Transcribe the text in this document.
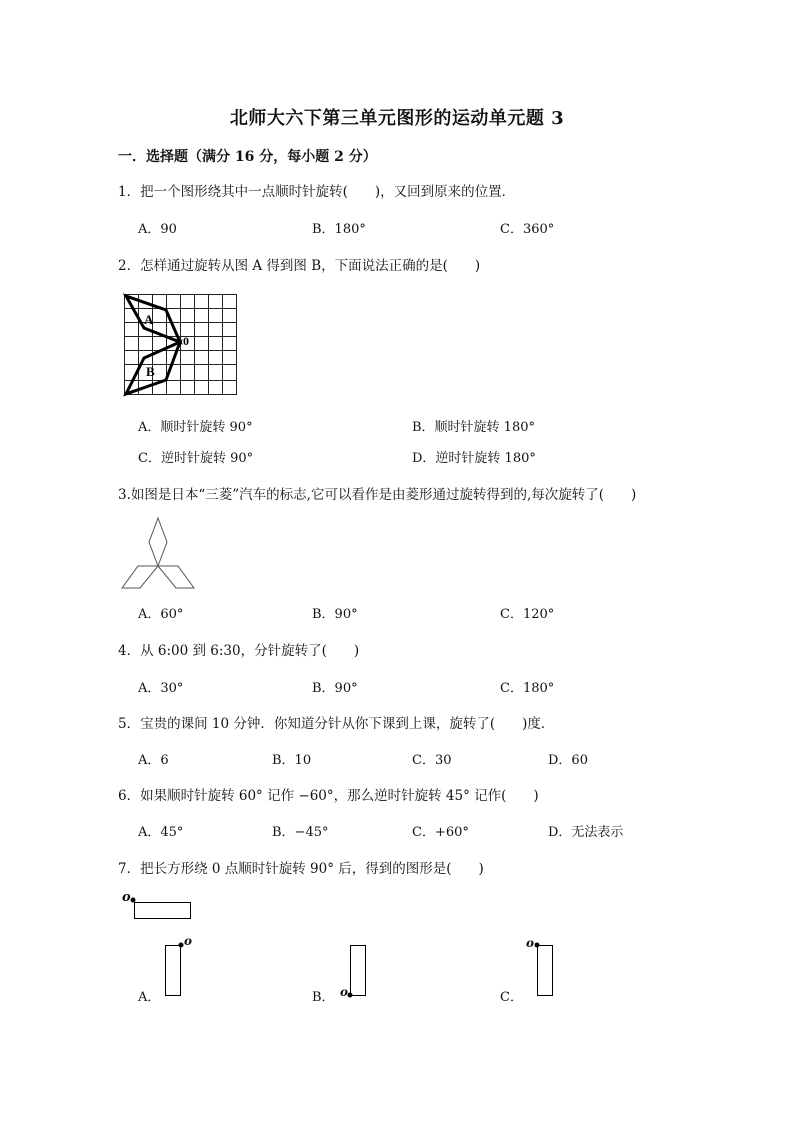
北师大六下第三单元图形的运动单元题 3
一．选择题（满分 16 分，每小题 2 分）
1．把一个图形绕其中一点顺时针旋转(　　)，又回到原来的位置．
A．90	B．180°	C．360°
2．怎样通过旋转从图 A 得到图 B，下面说法正确的是(　　)
A
B
0
A．顺时针旋转 90°	B．顺时针旋转 180°
C．逆时针旋转 90°	D．逆时针旋转 180°
3.如图是日本“三菱”汽车的标志,它可以看作是由菱形通过旋转得到的,每次旋转了(　　)
A．60°	B．90°	C．120°
4．从 6:00 到 6:30，分针旋转了(　　)
A．30°	B．90°	C．180°
5．宝贵的课间 10 分钟．你知道分针从你下课到上课，旋转了(　　)度．
A．6	B．10	C．30	D．60
6．如果顺时针旋转 60° 记作 −60°，那么逆时针旋转 45° 记作(　　)
A．45°	B．−45°	C．+60°	D．无法表示
7．把长方形绕 0 点顺时针旋转 90° 后，得到的图形是(　　)
o
A．
o
B． o	C．
o
